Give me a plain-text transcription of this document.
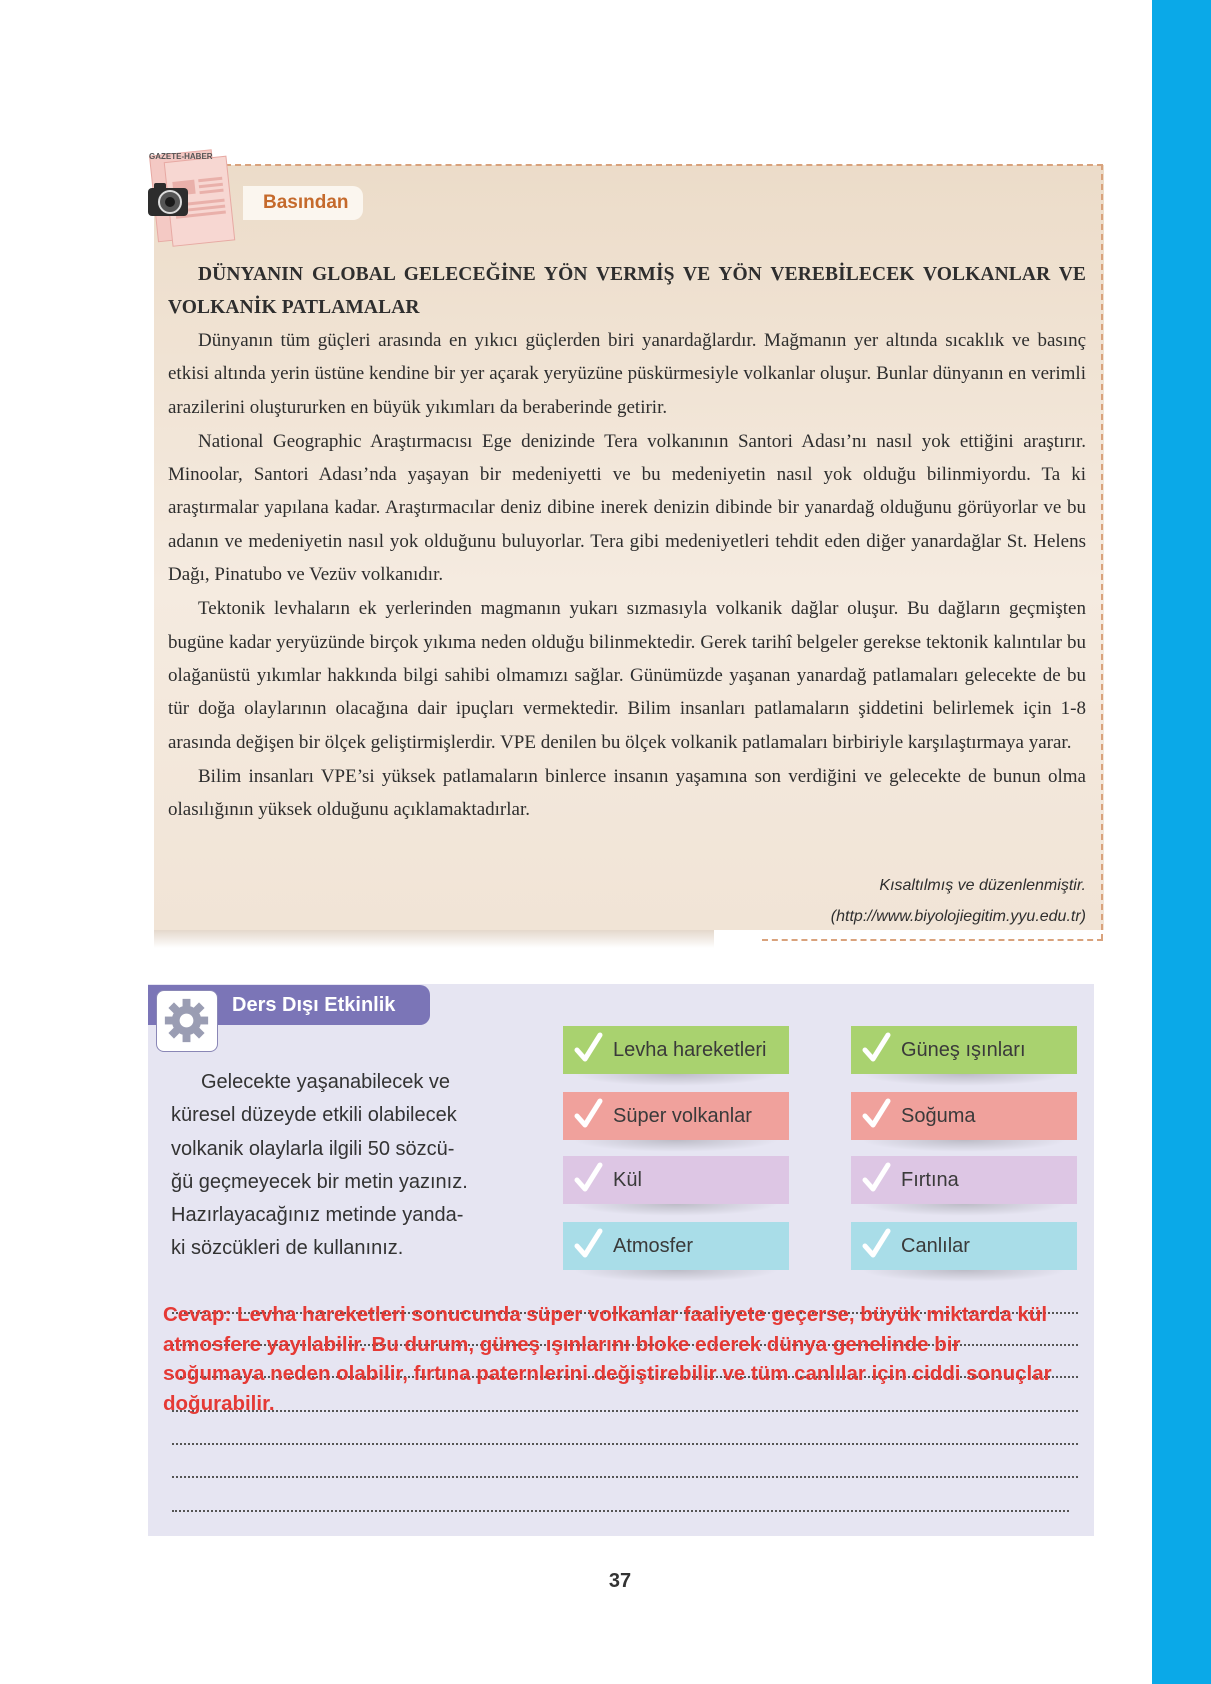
GAZETE-HABER
Basından
DÜNYANIN GLOBAL GELECEĞİNE YÖN VERMİŞ VE YÖN VEREBİLECEK VOLKANLAR VE VOLKANİK PATLAMALAR

Dünyanın tüm güçleri arasında en yıkıcı güçlerden biri yanardağlardır. Mağmanın yer altında sıcaklık ve basınç etkisi altında yerin üstüne kendine bir yer açarak yeryüzüne püskürmesiyle volkanlar oluşur. Bunlar dünyanın en verimli arazilerini oluştururken en büyük yıkımları da beraberinde getirir.

National Geographic Araştırmacısı Ege denizinde Tera volkanının Santori Adası’nı nasıl yok ettiğini araştırır. Minoolar, Santori Adası’nda yaşayan bir medeniyetti ve bu medeniyetin nasıl yok olduğu bilinmiyordu. Ta ki araştırmalar yapılana kadar. Araştırmacılar deniz dibine inerek denizin dibinde bir yanardağ olduğunu görüyorlar ve bu adanın ve medeniyetin nasıl yok olduğunu buluyorlar. Tera gibi medeniyetleri tehdit eden diğer yanardağlar St. Helens Dağı, Pinatubo ve Vezüv volkanıdır.

Tektonik levhaların ek yerlerinden magmanın yukarı sızmasıyla volkanik dağlar oluşur. Bu dağların geçmişten bugüne kadar yeryüzünde birçok yıkıma neden olduğu bilinmektedir. Gerek tarihî belgeler gerekse tektonik kalıntılar bu olağanüstü yıkımlar hakkında bilgi sahibi olmamızı sağlar. Günümüzde yaşanan yanardağ patlamaları gelecekte de bu tür doğa olaylarının olacağına dair ipuçları vermektedir. Bilim insanları patlamaların şiddetini belirlemek için 1-8 arasında değişen bir ölçek geliştirmişlerdir. VPE denilen bu ölçek volkanik patlamaları birbiriyle karşılaştırmaya yarar.

Bilim insanları VPE’si yüksek patlamaların binlerce insanın yaşamına son verdiğini ve gelecekte de bunun olma olasılığının yüksek olduğunu açıklamaktadırlar.

Kısaltılmış ve düzenlenmiştir.
(http://www.biyolojiegitim.yyu.edu.tr)
Ders Dışı Etkinlik
Gelecekte yaşanabilecek ve
küresel düzeyde etkili olabilecek
volkanik olaylarla ilgili 50 sözcü-
ğü geçmeyecek bir metin yazınız.
Hazırlayacağınız metinde yanda-
ki sözcükleri de kullanınız.
Levha hareketleri	Güneş ışınları
Süper volkanlar	Soğuma
Kül	Fırtına
Atmosfer	Canlılar
Cevap: Levha hareketleri sonucunda süper volkanlar faaliyete geçerse, büyük miktarda kül atmosfere yayılabilir. Bu durum, güneş ışınlarını bloke ederek dünya genelinde bir soğumaya neden olabilir, fırtına paternlerini değiştirebilir ve tüm canlılar için ciddi sonuçlar doğurabilir.
37
